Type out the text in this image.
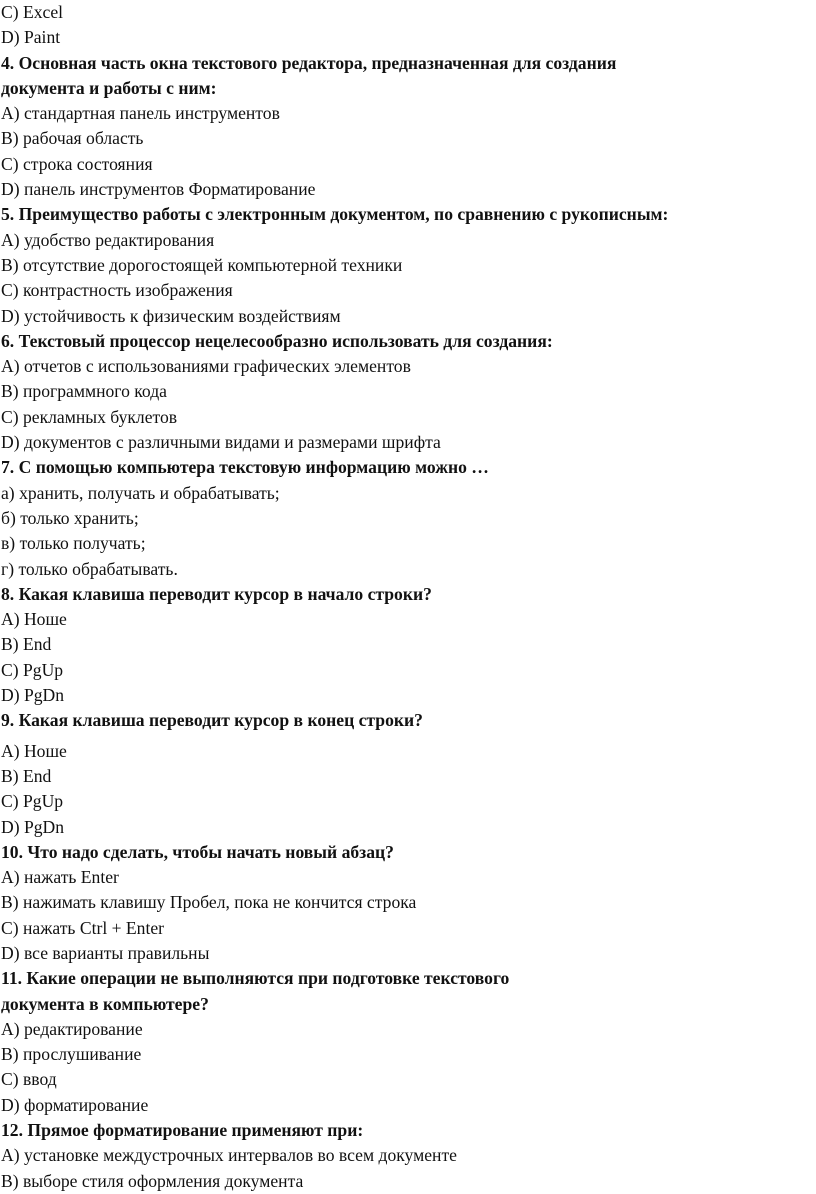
C) Excel
D) Paint
4. Основная часть окна текстового редактора, предназначенная для создания
документа и работы с ним:
A) стандартная панель инструментов
B) рабочая область
C) строка состояния
D) панель инструментов Форматирование
5. Преимущество работы с электронным документом, по сравнению с рукописным:
A) удобство редактирования
B) отсутствие дорогостоящей компьютерной техники
C) контрастность изображения
D) устойчивость к физическим воздействиям
6. Текстовый процессор нецелесообразно использовать для создания:
A) отчетов с использованиями графических элементов
B) программного кода
C) рекламных буклетов
D) документов с различными видами и размерами шрифта
7. С помощью компьютера текстовую информацию можно …
а) хранить, получать и обрабатывать;
б) только хранить;
в) только получать;
г) только обрабатывать.
8. Какая клавиша переводит курсор в начало строки?
A) Ноше
B) End
C) PgUp
D) PgDn
9. Какая клавиша переводит курсор в конец строки?
A) Ноше
B) End
C) PgUp
D) PgDn
10. Что надо сделать, чтобы начать новый абзац?
A) нажать Enter
B) нажимать клавишу Пробел, пока не кончится строка
C) нажать Ctrl + Enter
D) все варианты правильны
11. Какие операции не выполняются при подготовке текстового
документа в компьютере?
A) редактирование
B) прослушивание
C) ввод
D) форматирование
12. Прямое форматирование применяют при:
A) установке междустрочных интервалов во всем документе
B) выборе стиля оформления документа
